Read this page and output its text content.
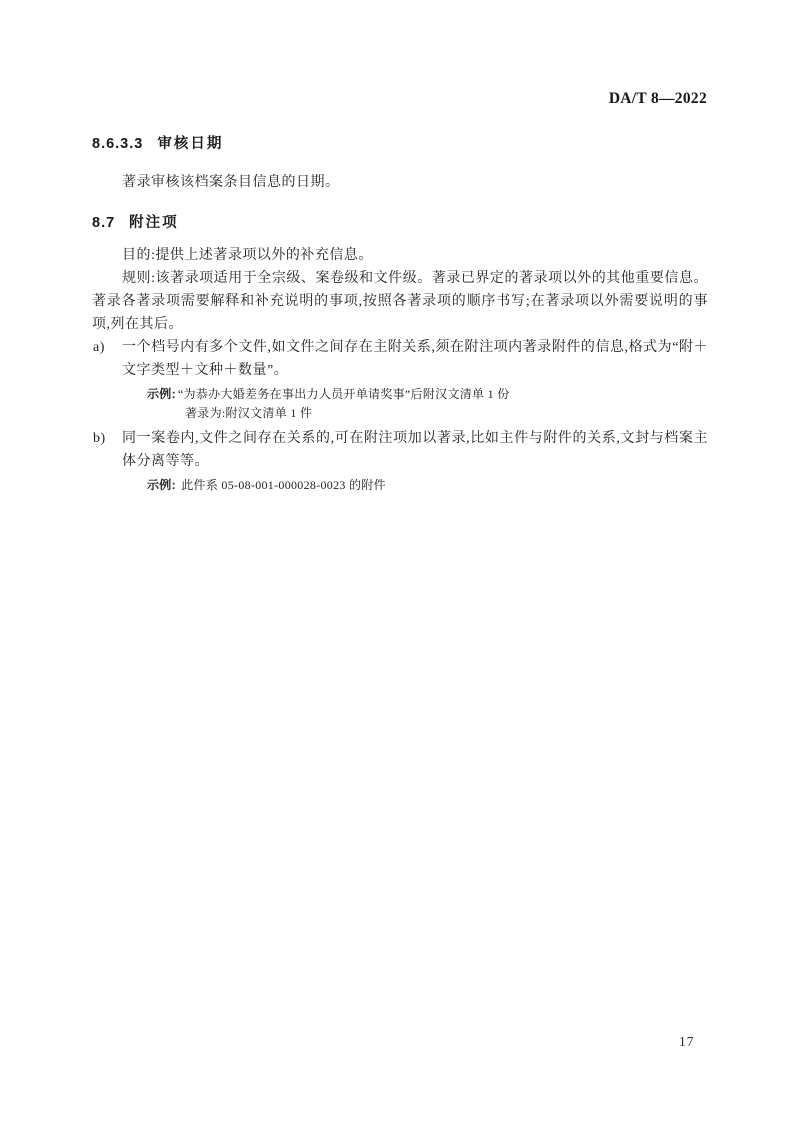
DA/T 8—2022
8.6.3.3 审核日期

著录审核该档案条目信息的日期。

8.7 附注项

目的:提供上述著录项以外的补充信息。

规则:该著录项适用于全宗级、案卷级和文件级。著录已界定的著录项以外的其他重要信息。著录各著录项需要解释和补充说明的事项,按照各著录项的顺序书写;在著录项以外需要说明的事项,列在其后。

a)	一个档号内有多个文件,如文件之间存在主附关系,须在附注项内著录附件的信息,格式为“附＋文字类型＋文种＋数量”。
示例: “为恭办大婚差务在事出力人员开单请奖事”后附汉文清单 1 份
著录为:附汉文清单 1 件
b)	同一案卷内,文件之间存在关系的,可在附注项加以著录,比如主件与附件的关系,文封与档案主体分离等等。
示例: 此件系 05-08-001-000028-0023 的附件
17
